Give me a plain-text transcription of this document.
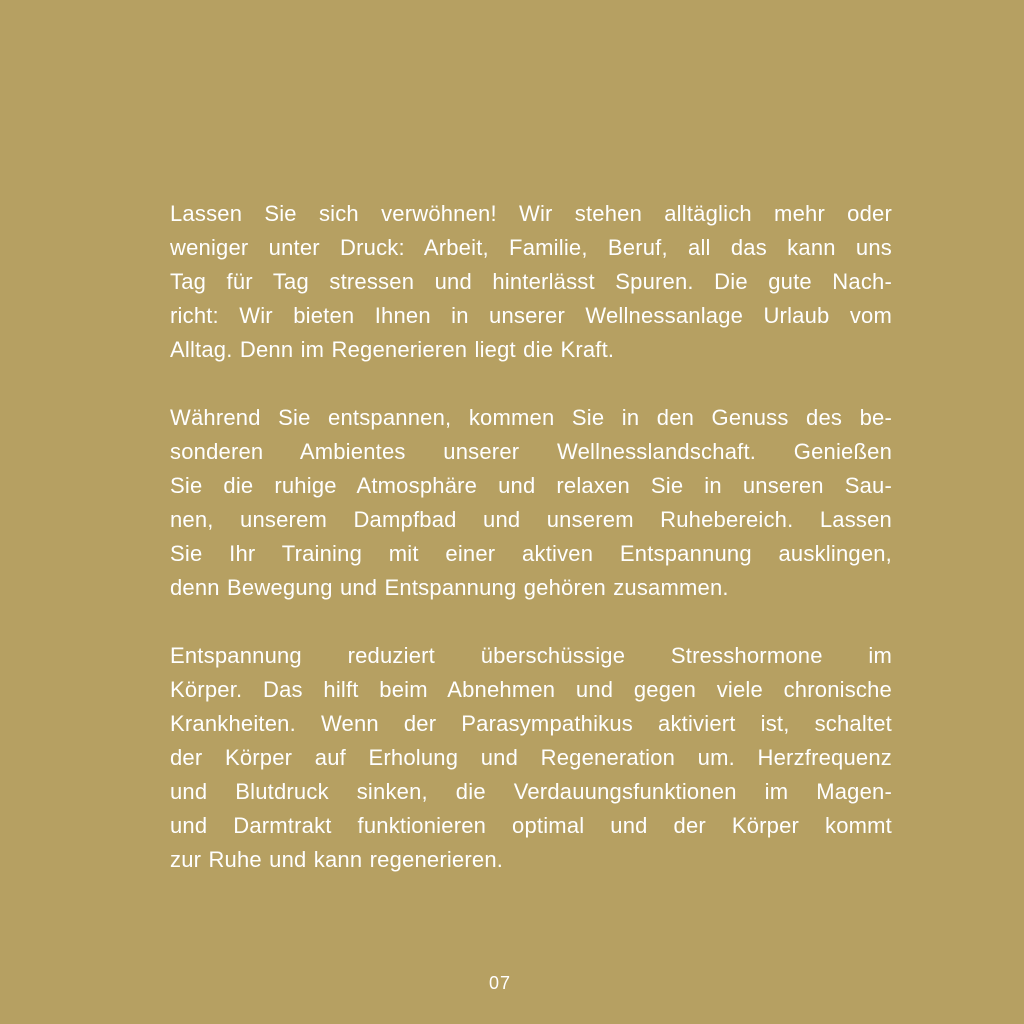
Lassen Sie sich verwöhnen! Wir stehen alltäglich mehr oder
weniger unter Druck: Arbeit, Familie, Beruf, all das kann uns
Tag für Tag stressen und hinterlässt Spuren. Die gute Nach-
richt: Wir bieten Ihnen in unserer Wellnessanlage Urlaub vom
Alltag. Denn im Regenerieren liegt die Kraft.

Während Sie entspannen, kommen Sie in den Genuss des be-
sonderen Ambientes unserer Wellnesslandschaft. Genießen
Sie die ruhige Atmosphäre und relaxen Sie in unseren Sau-
nen, unserem Dampfbad und unserem Ruhebereich. Lassen
Sie Ihr Training mit einer aktiven Entspannung ausklingen,
denn Bewegung und Entspannung gehören zusammen.

Entspannung reduziert überschüssige Stresshormone im
Körper. Das hilft beim Abnehmen und gegen viele chronische
Krankheiten. Wenn der Parasympathikus aktiviert ist, schaltet
der Körper auf Erholung und Regeneration um. Herzfrequenz
und Blutdruck sinken, die Verdauungsfunktionen im Magen-
und Darmtrakt funktionieren optimal und der Körper kommt
zur Ruhe und kann regenerieren.

07
